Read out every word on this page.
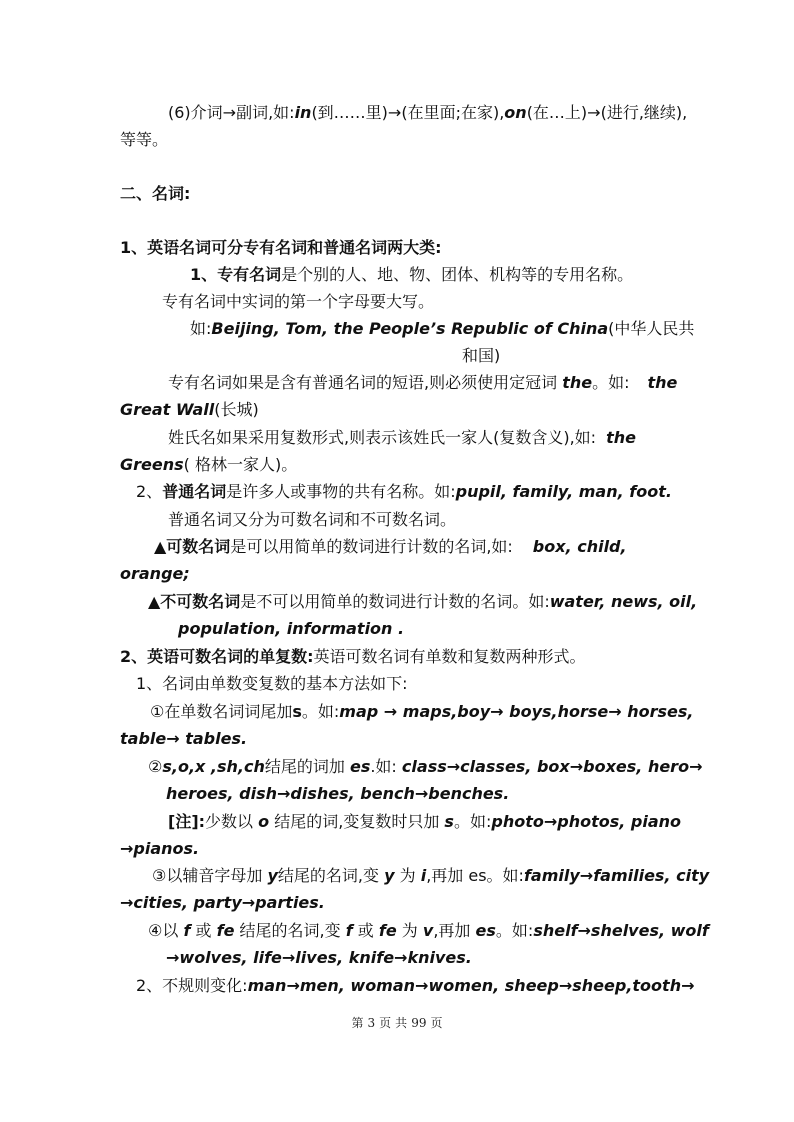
(6)介词→副词,如:in(到……里)→(在里面;在家),on(在…上)→(进行,继续),
等等。
二、名词:
1、英语名词可分专有名词和普通名词两大类:
1、专有名词是个别的人、地、物、团体、机构等的专用名称。
专有名词中实词的第一个字母要大写。
如:Beijing, Tom, the People’s Republic of China(中华人民共
和国)
专有名词如果是含有普通名词的短语,则必须使用定冠词 the。如: the
Great Wall(长城)
姓氏名如果采用复数形式,则表示该姓氏一家人(复数含义),如: the
Greens( 格林一家人)。
2、普通名词是许多人或事物的共有名称。如:pupil, family, man, foot.
普通名词又分为可数名词和不可数名词。
▲可数名词是可以用简单的数词进行计数的名词,如: box, child,
orange;
▲不可数名词是不可以用简单的数词进行计数的名词。如:water, news, oil,
population, information .
2、英语可数名词的单复数:英语可数名词有单数和复数两种形式。
1、名词由单数变复数的基本方法如下:
①在单数名词词尾加s。如:map → maps,boy→ boys,horse→ horses,
table→ tables.
②s,o,x ,sh,ch结尾的词加 es.如: class→classes, box→boxes, hero→
heroes, dish→dishes, bench→benches.
[注]:少数以 o 结尾的词,变复数时只加 s。如:photo→photos, piano
→pianos.
③以辅音字母加 y结尾的名词,变 y 为 i,再加 es。如:family→families, city
→cities, party→parties.
④以 f 或 fe 结尾的名词,变 f 或 fe 为 v,再加 es。如:shelf→shelves, wolf
→wolves, life→lives, knife→knives.
2、不规则变化:man→men, woman→women, sheep→sheep,tooth→
第 3 页 共 99 页
